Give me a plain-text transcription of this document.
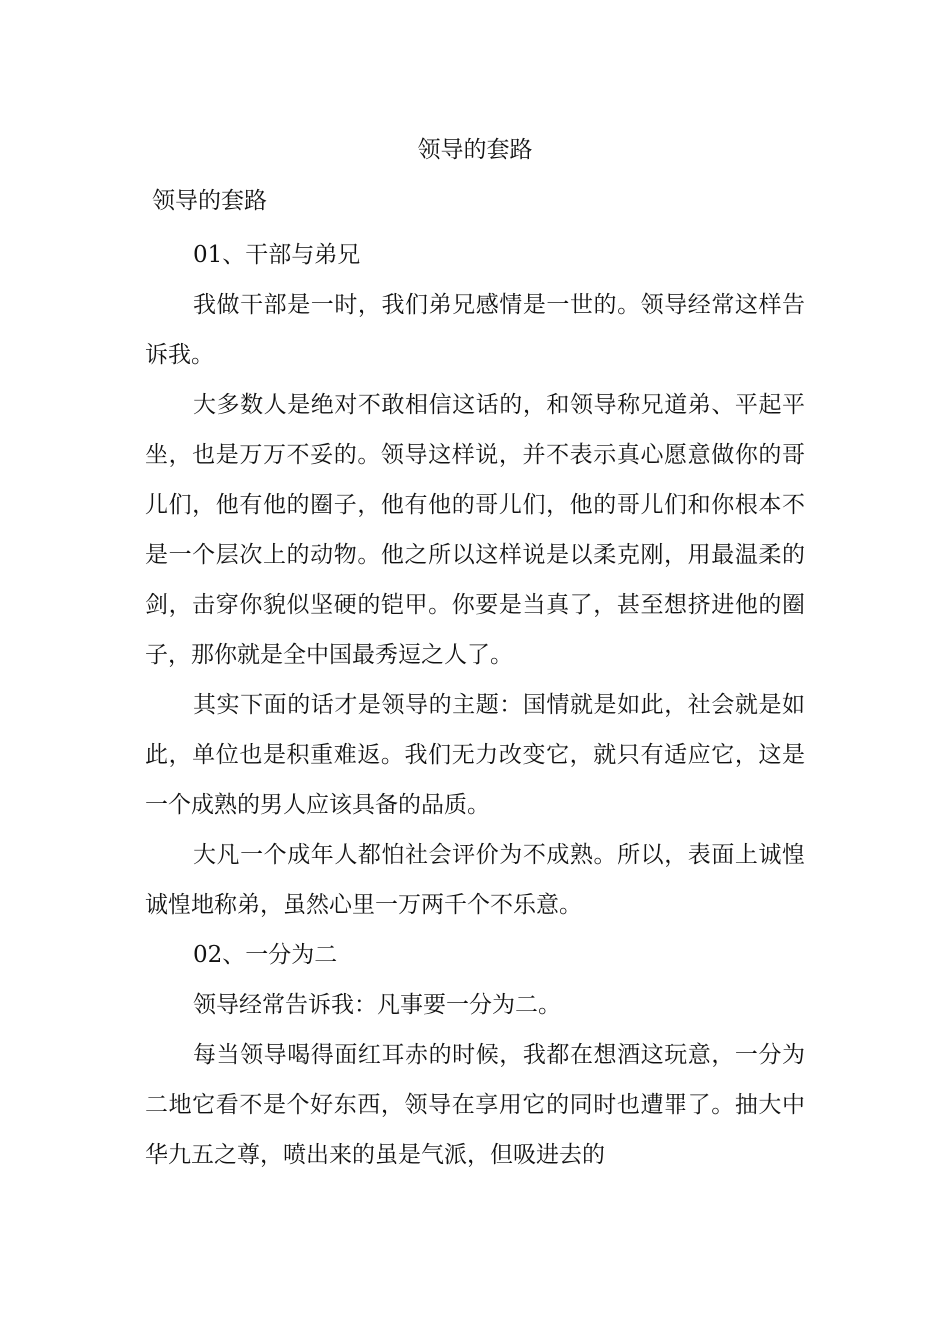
领导的套路
领导的套路

01、干部与弟兄

我做干部是一时，我们弟兄感情是一世的。领导经常这样告诉我。

大多数人是绝对不敢相信这话的，和领导称兄道弟、平起平坐，也是万万不妥的。领导这样说，并不表示真心愿意做你的哥儿们，他有他的圈子，他有他的哥儿们，他的哥儿们和你根本不是一个层次上的动物。他之所以这样说是以柔克刚，用最温柔的剑，击穿你貌似坚硬的铠甲。你要是当真了，甚至想挤进他的圈子，那你就是全中国最秀逗之人了。

其实下面的话才是领导的主题：国情就是如此，社会就是如此，单位也是积重难返。我们无力改变它，就只有适应它，这是一个成熟的男人应该具备的品质。

大凡一个成年人都怕社会评价为不成熟。所以，表面上诚惶诚惶地称弟，虽然心里一万两千个不乐意。

02、一分为二

领导经常告诉我：凡事要一分为二。

每当领导喝得面红耳赤的时候，我都在想酒这玩意，一分为二地它看不是个好东西，领导在享用它的同时也遭罪了。抽大中华九五之尊，喷出来的虽是气派，但吸进去的
